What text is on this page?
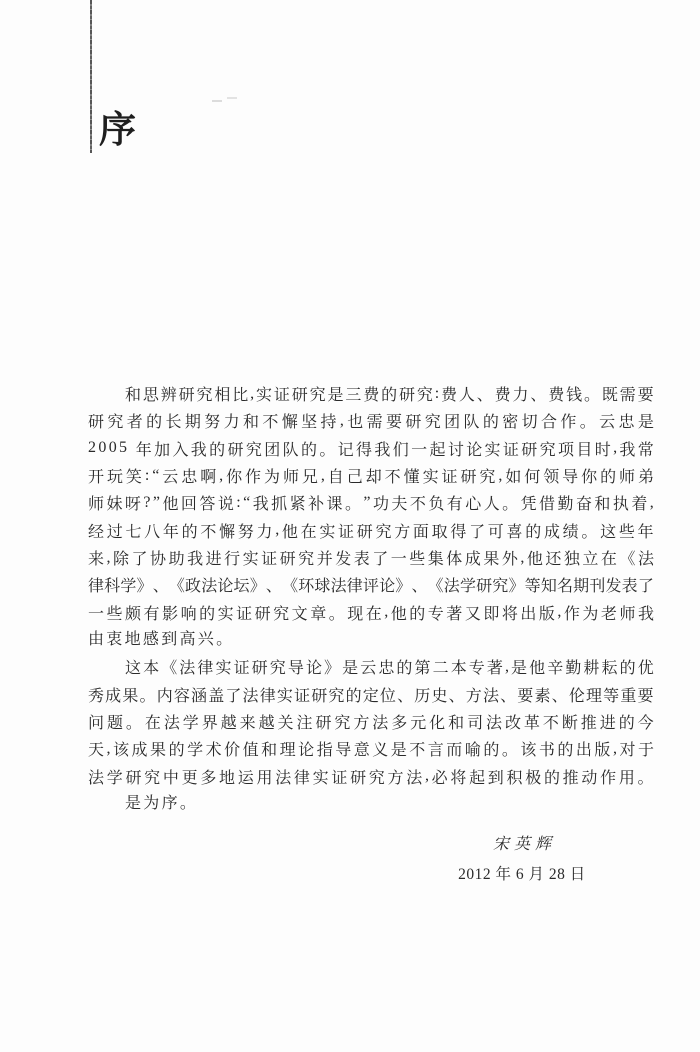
序
和 思 辨 研 究 相 比 , 实 证 研 究 是 三 费 的 研 究 : 费 人 、 费 力 、 费 钱 。 既 需 要
研 究 者 的 长 期 努 力 和 不 懈 坚 持 , 也 需 要 研 究 团 队 的 密 切 合 作 。 云 忠 是
2 0 0 5
年 加 入 我 的 研 究 团 队 的 。 记 得 我 们 一 起 讨 论 实 证 研 究 项 目 时 , 我 常
开 玩 笑 : “ 云 忠 啊 , 你 作 为 师 兄 , 自 己 却 不 懂 实 证 研 究 , 如 何 领 导 你 的 师 弟
师 妹 呀 ? ” 他 回 答 说 : “ 我 抓 紧 补 课 。 ” 功 夫 不 负 有 心 人 。 凭 借 勤 奋 和 执 着 ,
经 过 七 八 年 的 不 懈 努 力 , 他 在 实 证 研 究 方 面 取 得 了 可 喜 的 成 绩 。 这 些 年
来 , 除 了 协 助 我 进 行 实 证 研 究 并 发 表 了 一 些 集 体 成 果 外 , 他 还 独 立 在 《 法
律 科 学 》 、 《 政 法 论 坛 》 、 《 环 球 法 律 评 论 》 、 《 法 学 研 究 》 等 知 名 期 刊 发 表 了
一 些 颇 有 影 响 的 实 证 研 究 文 章 。 现 在 , 他 的 专 著 又 即 将 出 版 , 作 为 老 师 我
由衷地感到高兴。
这 本 《 法 律 实 证 研 究 导 论 》 是 云 忠 的 第 二 本 专 著 , 是 他 辛 勤 耕 耘 的 优
秀 成 果 。 内 容 涵 盖 了 法 律 实 证 研 究 的 定 位 、 历 史 、 方 法 、 要 素 、 伦 理 等 重 要
问 题 。 在 法 学 界 越 来 越 关 注 研 究 方 法 多 元 化 和 司 法 改 革 不 断 推 进 的 今
天 , 该 成 果 的 学 术 价 值 和 理 论 指 导 意 义 是 不 言 而 喻 的 。 该 书 的 出 版 , 对 于
法 学 研 究 中 更 多 地 运 用 法 律 实 证 研 究 方 法 , 必 将 起 到 积 极 的 推 动 作 用 。
是为序。
宋英辉
2012 年 6 月 28 日
